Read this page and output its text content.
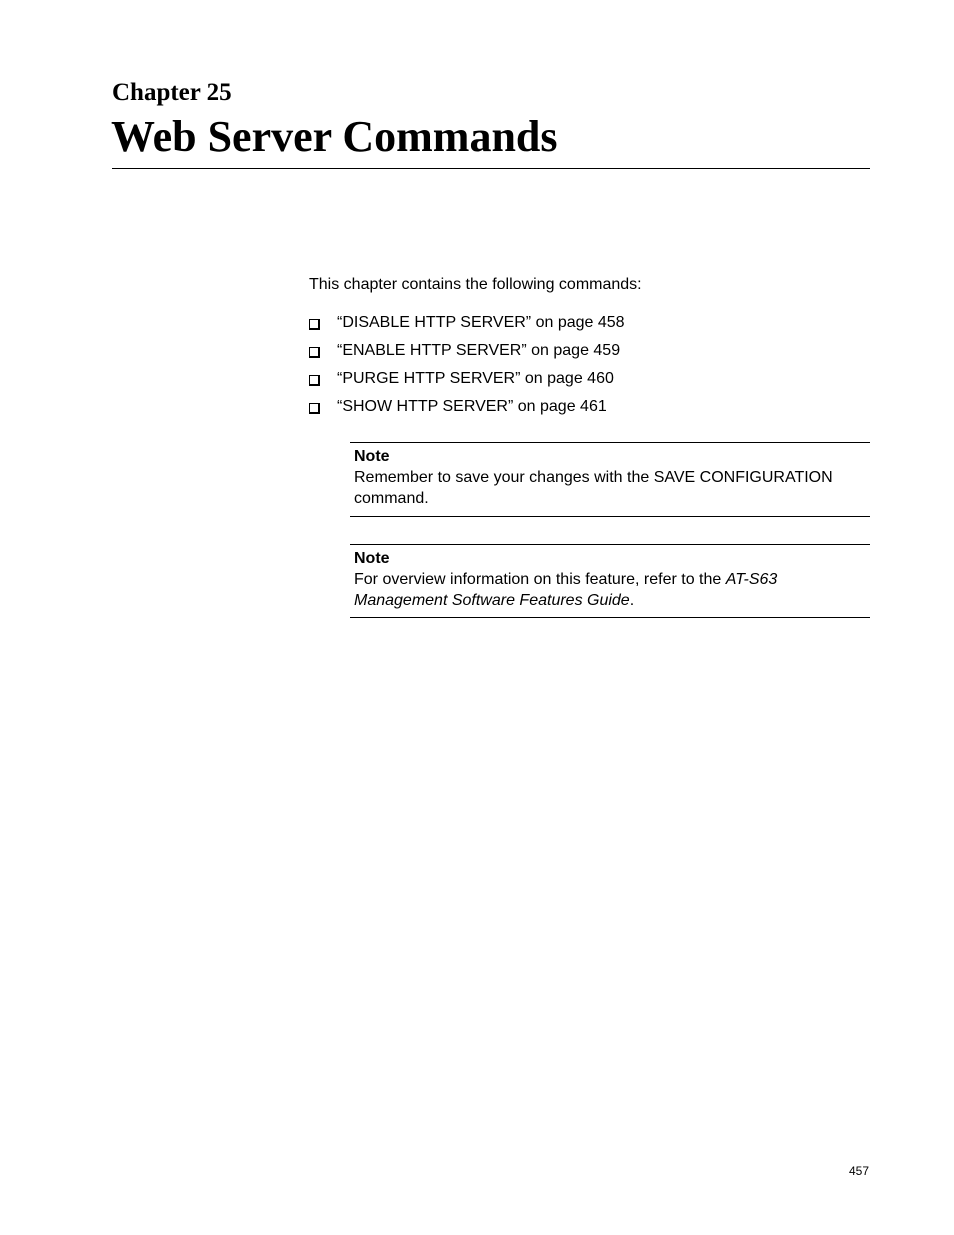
Chapter 25
Web Server Commands

This chapter contains the following commands:

“DISABLE HTTP SERVER” on page 458
“ENABLE HTTP SERVER” on page 459
“PURGE HTTP SERVER” on page 460
“SHOW HTTP SERVER” on page 461

Note

Remember to save your changes with the SAVE CONFIGURATION command.

Note

For overview information on this feature, refer to the AT-S63 Management Software Features Guide.

457
